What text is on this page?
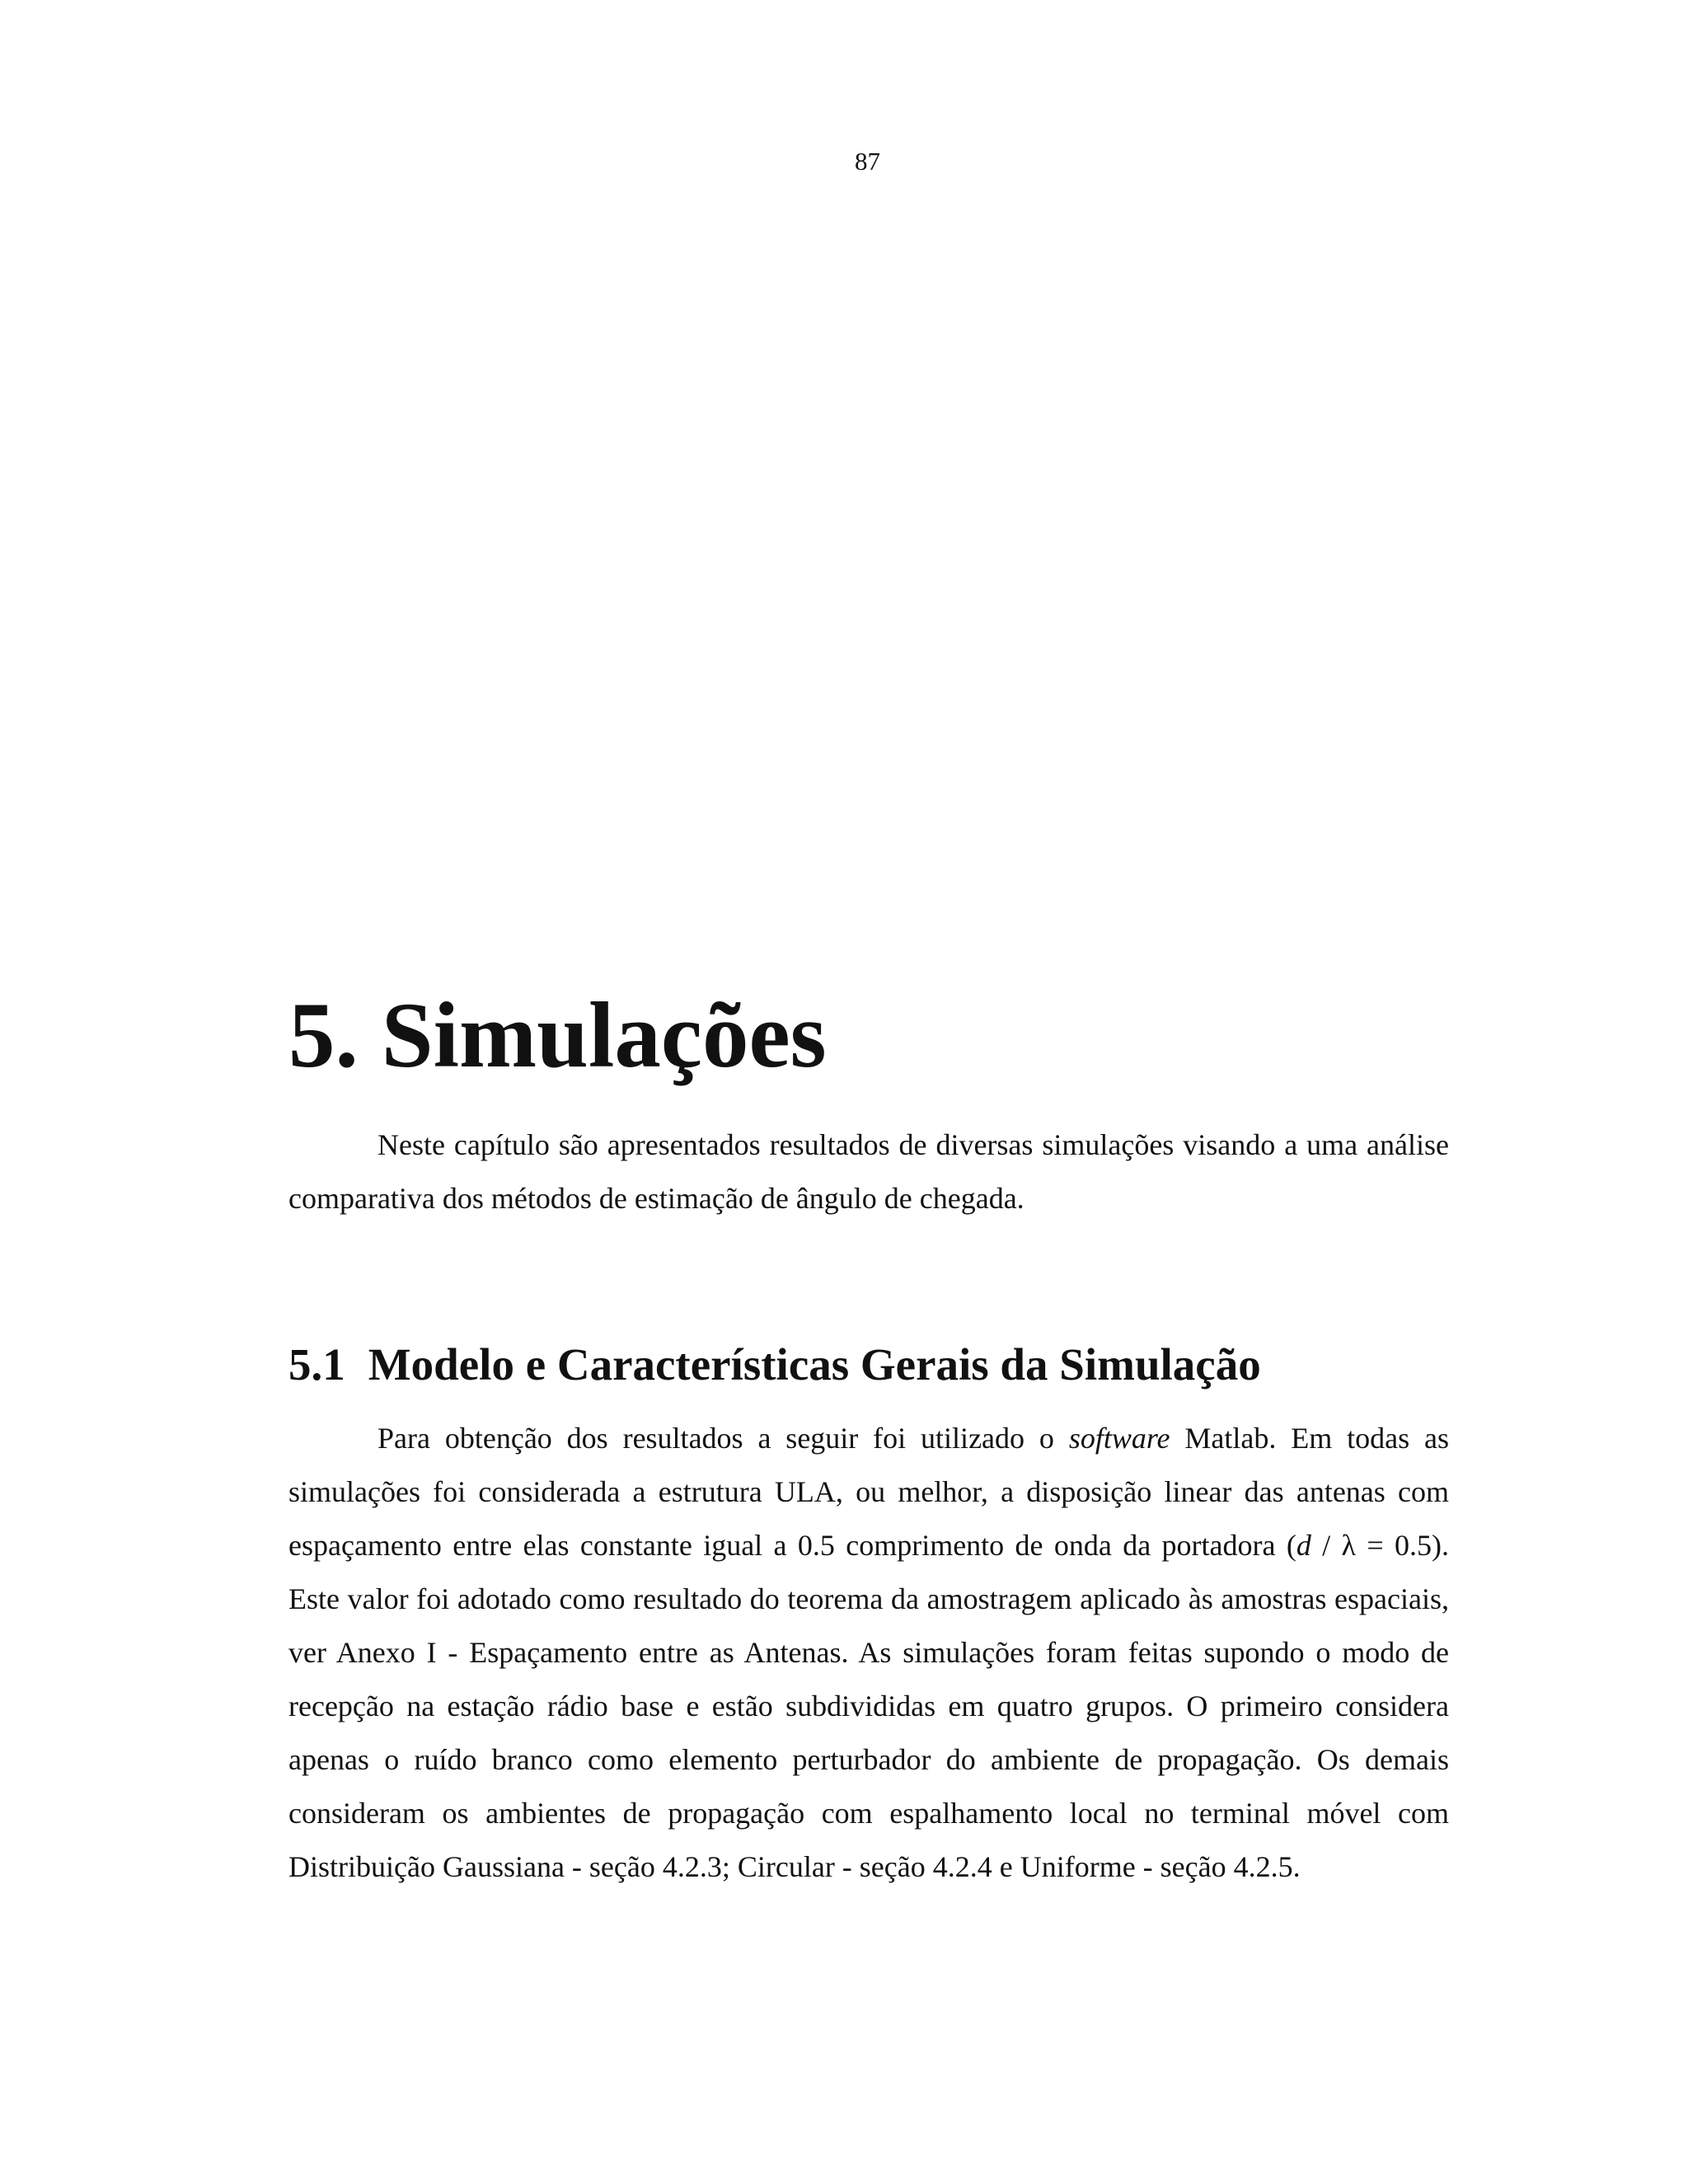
87
5. Simulações

Neste capítulo são apresentados resultados de diversas simulações visando a uma análise comparativa dos métodos de estimação de ângulo de chegada.

5.1 Modelo e Características Gerais da Simulação

Para obtenção dos resultados a seguir foi utilizado o software Matlab. Em todas as simulações foi considerada a estrutura ULA, ou melhor, a disposição linear das antenas com espaçamento entre elas constante igual a 0.5 comprimento de onda da portadora (d / λ = 0.5). Este valor foi adotado como resultado do teorema da amostragem aplicado às amostras espaciais, ver Anexo I - Espaçamento entre as Antenas. As simulações foram feitas supondo o modo de recepção na estação rádio base e estão subdivididas em quatro grupos. O primeiro considera apenas o ruído branco como elemento perturbador do ambiente de propagação. Os demais consideram os ambientes de propagação com espalhamento local no terminal móvel com Distribuição Gaussiana - seção 4.2.3; Circular - seção 4.2.4 e Uniforme - seção 4.2.5.
